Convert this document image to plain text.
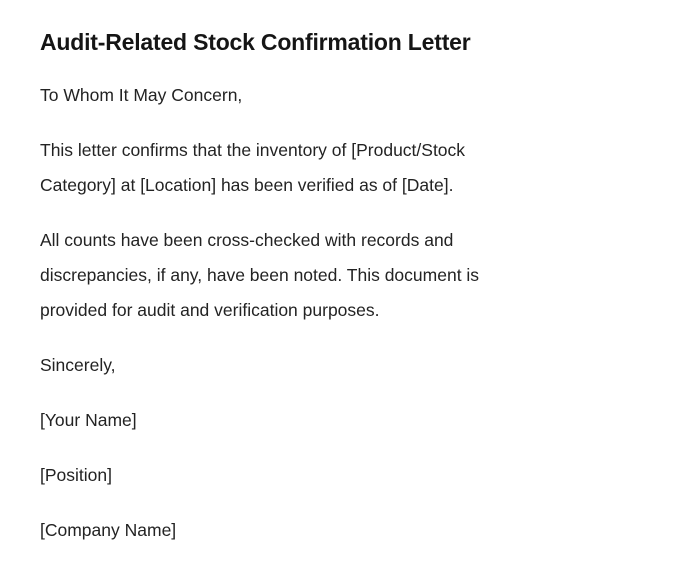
Audit-Related Stock Confirmation Letter

To Whom It May Concern,

This letter confirms that the inventory of [Product/Stock
Category] at [Location] has been verified as of [Date].

All counts have been cross-checked with records and
discrepancies, if any, have been noted. This document is
provided for audit and verification purposes.

Sincerely,

[Your Name]

[Position]

[Company Name]
